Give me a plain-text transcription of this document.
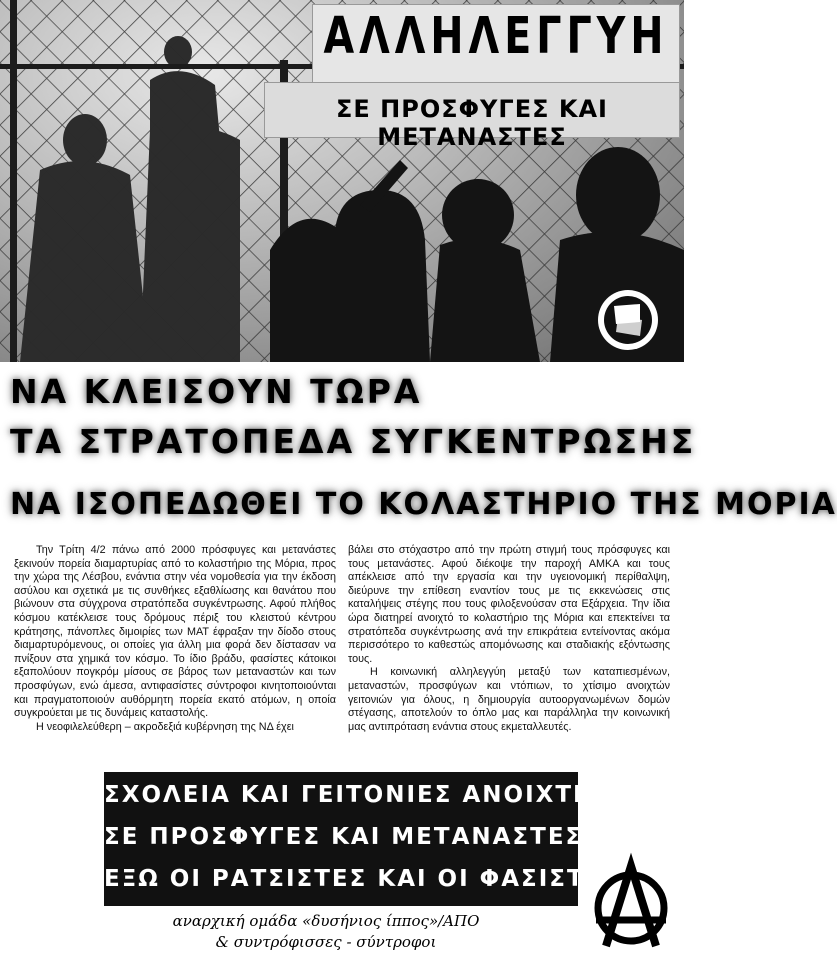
ΑΛΛΗΛΕΓΓΥΗ
ΣΕ ΠΡΟΣΦΥΓΕΣ ΚΑΙ ΜΕΤΑΝΑΣΤΕΣ
ΝΑ ΚΛΕΙΣΟΥΝ ΤΩΡΑ
ΤΑ ΣΤΡΑΤΟΠΕΔΑ ΣΥΓΚΕΝΤΡΩΣΗΣ
ΝΑ ΙΣΟΠΕΔΩΘΕΙ ΤΟ ΚΟΛΑΣΤΗΡΙΟ ΤΗΣ ΜΟΡΙΑ

Την Τρίτη 4/2 πάνω από 2000 πρόσφυγες και μετανάστες ξεκινούν πορεία διαμαρτυρίας από το κολαστήριο της Μόρια, προς την χώρα της Λέσβου, ενάντια στην νέα νομοθεσία για την έκδοση ασύλου και σχετικά με τις συνθήκες εξαθλίωσης και θανάτου που βιώνουν στα σύγχρονα στρατόπεδα συγκέντρωσης. Αφού πλήθος κόσμου κατέκλεισε τους δρόμους πέριξ του κλειστού κέντρου κράτησης, πάνοπλες διμοιρίες των ΜΑΤ έφραξαν την δίοδο στους διαμαρτυρόμενους, οι οποίες για άλλη μια φορά δεν δίστασαν να πνίξουν στα χημικά τον κόσμο. Το ίδιο βράδυ, φασίστες κάτοικοι εξαπολύουν πογκρόμ μίσους σε βάρος των μεταναστών και των προσφύγων, ενώ άμεσα, αντιφασίστες σύντροφοι κινητοποιούνται και πραγματοποιούν αυθόρμητη πορεία εκατό ατόμων, η οποία συγκρούεται με τις δυνάμεις καταστολής.

Η νεοφιλελεύθερη – ακροδεξιά κυβέρνηση της ΝΔ έχει

βάλει στο στόχαστρο από την πρώτη στιγμή τους πρόσφυγες και τους μετανάστες. Αφού διέκοψε την παροχή ΑΜΚΑ και τους απέκλεισε από την εργασία και την υγειονομική περίθαλψη, διεύρυνε την επίθεση εναντίον τους με τις εκκενώσεις στις καταλήψεις στέγης που τους φιλοξενούσαν στα Εξάρχεια. Την ίδια ώρα διατηρεί ανοιχτό το κολαστήριο της Μόρια και επεκτείνει τα στρατόπεδα συγκέντρωσης ανά την επικράτεια εντείνοντας ακόμα περισσότερο το καθεστώς απομόνωσης και σταδιακής εξόντωσης τους.

Η κοινωνική αλληλεγγύη μεταξύ των καταπιεσμένων, μεταναστών, προσφύγων και ντόπιων, το χτίσιμο ανοιχτών γειτονιών για όλους, η δημιουργία αυτοοργανωμένων δομών στέγασης, αποτελούν το όπλο μας και παράλληλα την κοινωνική μας αντιπρόταση ενάντια στους εκμεταλλευτές.

ΣΧΟΛΕΙΑ ΚΑΙ ΓΕΙΤΟΝΙΕΣ ΑΝΟΙΧΤΕΣ
ΣΕ ΠΡΟΣΦΥΓΕΣ ΚΑΙ ΜΕΤΑΝΑΣΤΕΣ
ΕΞΩ ΟΙ ΡΑΤΣΙΣΤΕΣ ΚΑΙ ΟΙ ΦΑΣΙΣΤΕΣ
αναρχική ομάδα «δυσήνιος ίππος»/ΑΠΟ
& συντρόφισσες - σύντροφοι
